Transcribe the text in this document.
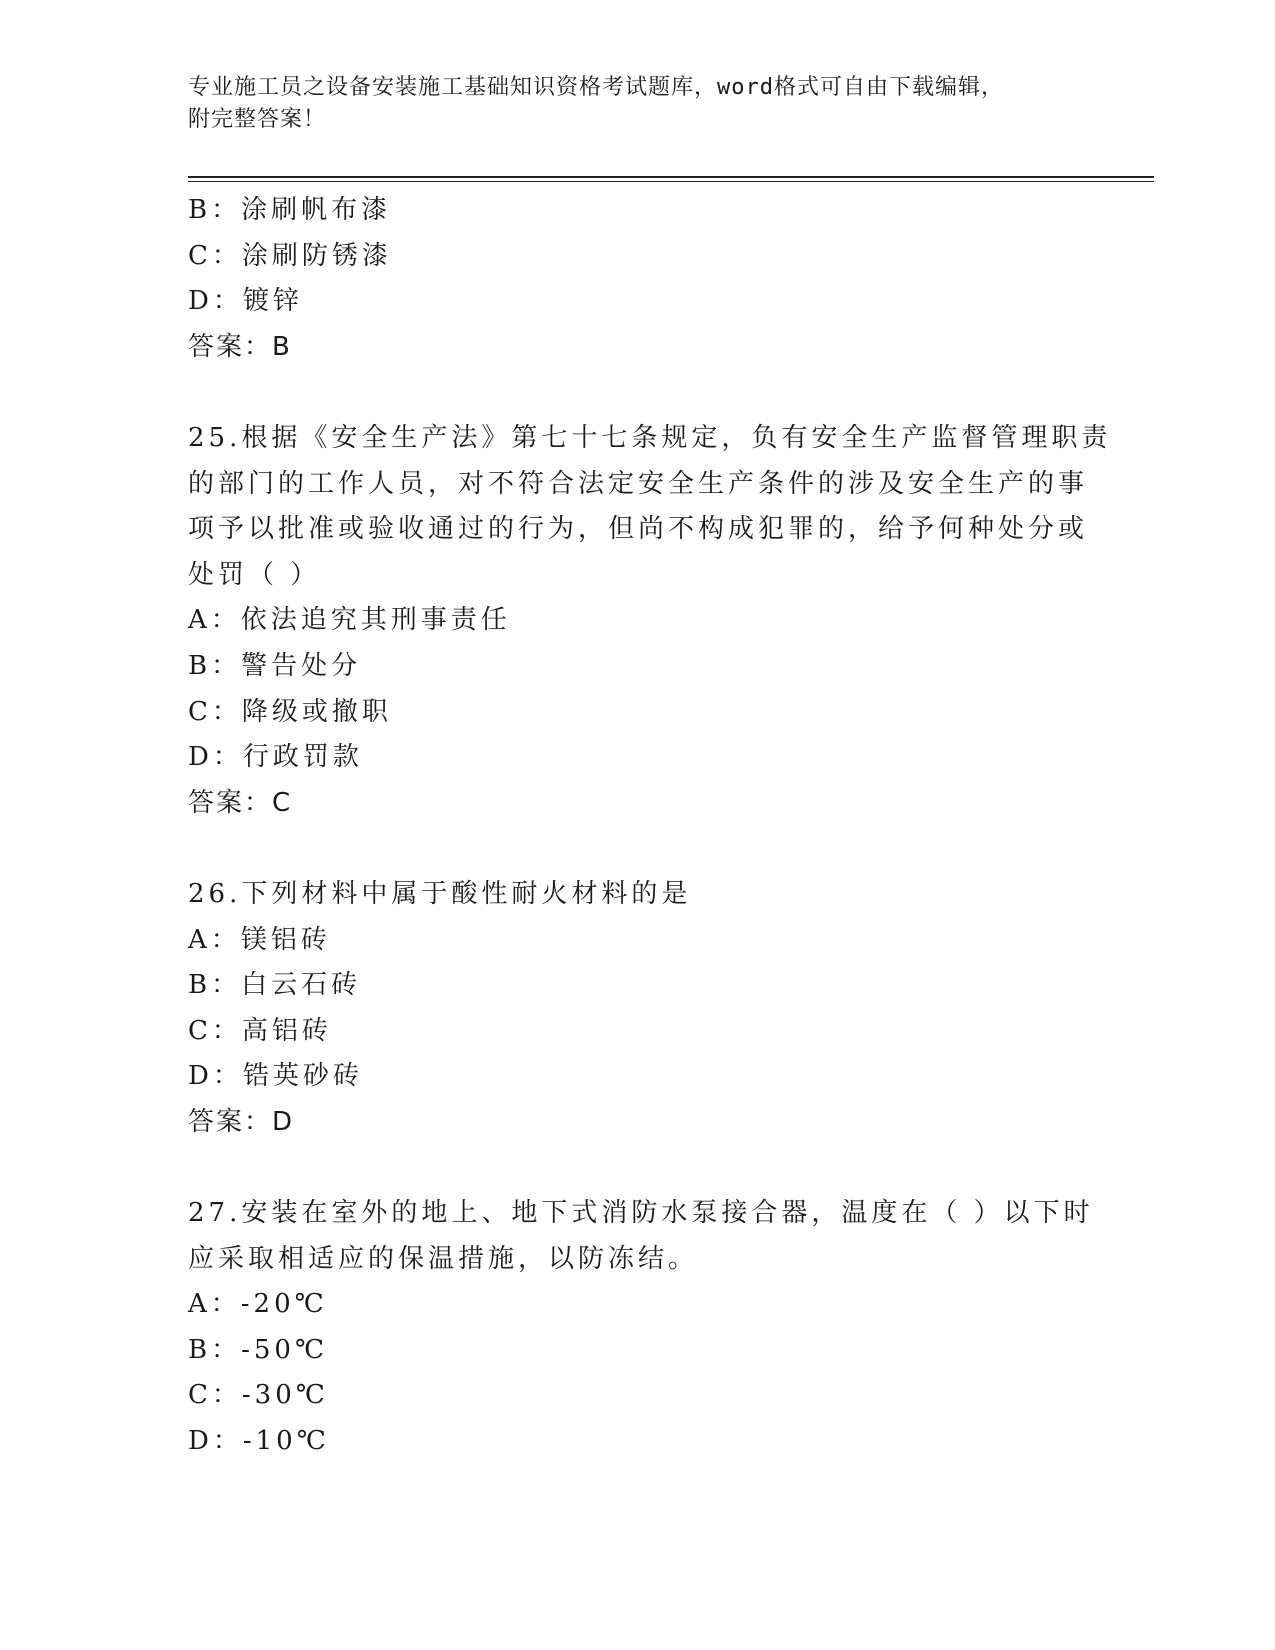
专业施工员之设备安装施工基础知识资格考试题库，word格式可自由下载编辑，
附完整答案！
B：涂刷帆布漆
C：涂刷防锈漆
D：镀锌
答案：B
25.根据《安全生产法》第七十七条规定，负有安全生产监督管理职责
的部门的工作人员，对不符合法定安全生产条件的涉及安全生产的事
项予以批准或验收通过的行为，但尚不构成犯罪的，给予何种处分或
处罚（ ）
A：依法追究其刑事责任
B：警告处分
C：降级或撤职
D：行政罚款
答案：C
26.下列材料中属于酸性耐火材料的是
A：镁铝砖
B：白云石砖
C：高铝砖
D：锆英砂砖
答案：D
27.安装在室外的地上、地下式消防水泵接合器，温度在（ ）以下时
应采取相适应的保温措施，以防冻结。
A：-20℃
B：-50℃
C：-30℃
D：-10℃
